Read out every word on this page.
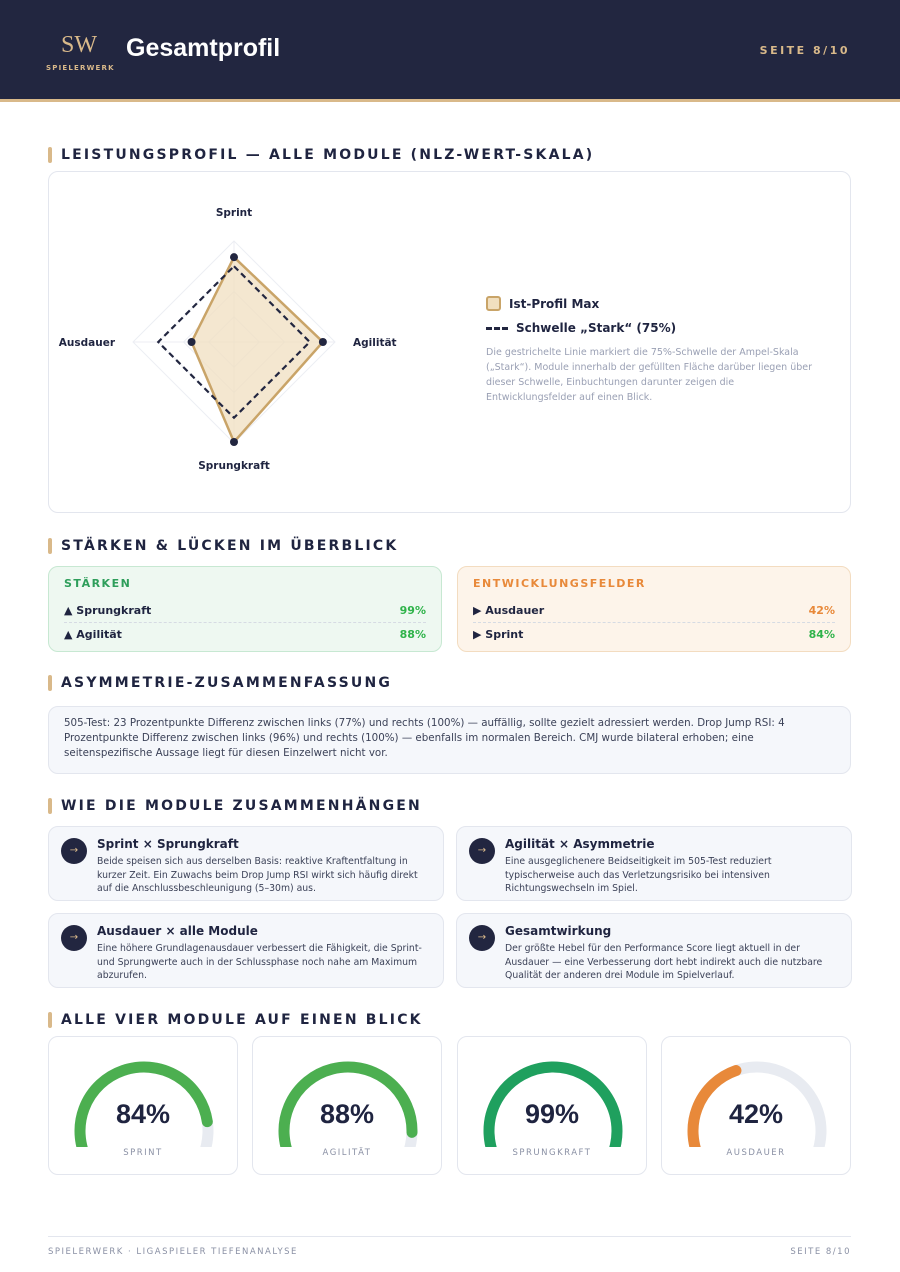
SW
SPIELERWERK
Gesamtprofil	SEITE 8/10
LEISTUNGSPROFIL — ALLE MODULE (NLZ-WERT-SKALA)
Sprint
Agilität
Sprungkraft
Ausdauer
Ist-Profil Max
Schwelle „Stark“ (75%)
Die gestrichelte Linie markiert die 75%-Schwelle der Ampel-Skala („Stark“). Module innerhalb der gefüllten Fläche darüber liegen über dieser Schwelle, Einbuchtungen darunter zeigen die Entwicklungsfelder auf einen Blick.
STÄRKEN & LÜCKEN IM ÜBERBLICK
STÄRKEN
▲ Sprungkraft	99%
▲ Agilität	88%
ENTWICKLUNGSFELDER
▶ Ausdauer	42%
▶ Sprint	84%
ASYMMETRIE-ZUSAMMENFASSUNG
505-Test: 23 Prozentpunkte Differenz zwischen links (77%) und rechts (100%) — auffällig, sollte gezielt adressiert werden. Drop Jump RSI: 4 Prozentpunkte Differenz zwischen links (96%) und rechts (100%) — ebenfalls im normalen Bereich. CMJ wurde bilateral erhoben; eine seitenspezifische Aussage liegt für diesen Einzelwert nicht vor.
WIE DIE MODULE ZUSAMMENHÄNGEN
→	Sprint × Sprungkraft
Beide speisen sich aus derselben Basis: reaktive Kraftentfaltung in kurzer Zeit. Ein Zuwachs beim Drop Jump RSI wirkt sich häufig direkt auf die Anschlussbeschleunigung (5–30m) aus.
→	Agilität × Asymmetrie
Eine ausgeglichenere Beidseitigkeit im 505-Test reduziert typischerweise auch das Verletzungsrisiko bei intensiven Richtungswechseln im Spiel.
→	Ausdauer × alle Module
Eine höhere Grundlagenausdauer verbessert die Fähigkeit, die Sprint- und Sprungwerte auch in der Schlussphase noch nahe am Maximum abzurufen.
→	Gesamtwirkung
Der größte Hebel für den Performance Score liegt aktuell in der Ausdauer — eine Verbesserung dort hebt indirekt auch die nutzbare Qualität der anderen drei Module im Spielverlauf.
ALLE VIER MODULE AUF EINEN BLICK
84%
SPRINT
88%
AGILITÄT
99%
SPRUNGKRAFT
42%
AUSDAUER
SPIELERWERK · LIGASPIELER TIEFENANALYSE	SEITE 8/10
